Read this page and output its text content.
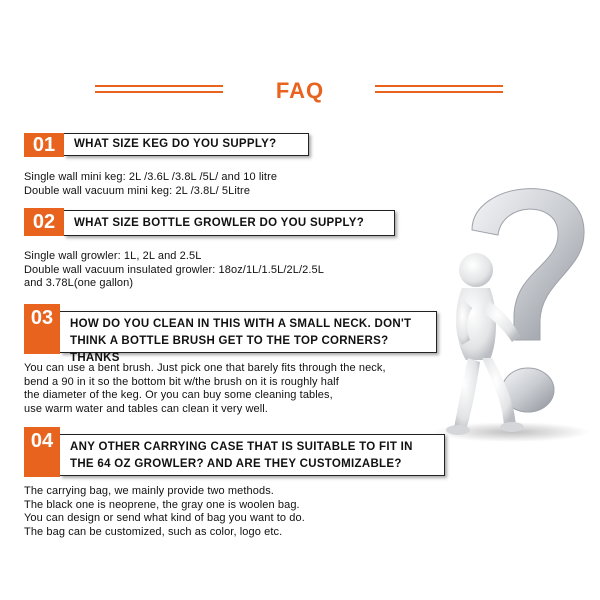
FAQ
01	WHAT SIZE KEG DO YOU SUPPLY?
Single wall mini keg: 2L /3.6L /3.8L /5L/ and 10 litre
Double wall vacuum mini keg: 2L /3.8L/ 5Litre
02	WHAT SIZE BOTTLE GROWLER DO YOU SUPPLY?
Single wall growler: 1L, 2L and 2.5L
Double wall vacuum insulated growler: 18oz/1L/1.5L/2L/2.5L
and 3.78L(one gallon)
03	HOW DO YOU CLEAN IN THIS WITH A SMALL NECK. DON'T
THINK A BOTTLE BRUSH GET TO THE TOP CORNERS? THANKS
You can use a bent brush. Just pick one that barely fits through the neck,
bend a 90 in it so the bottom bit w/the brush on it is roughly half
the diameter of the keg. Or you can buy some cleaning tables,
use warm water and tables can clean it very well.
04	ANY OTHER CARRYING CASE THAT IS SUITABLE TO FIT IN
THE 64 OZ GROWLER? AND ARE THEY CUSTOMIZABLE?
The carrying bag, we mainly provide two methods.
The black one is neoprene, the gray one is woolen bag.
You can design or send what kind of bag you want to do.
The bag can be customized, such as color, logo etc.
